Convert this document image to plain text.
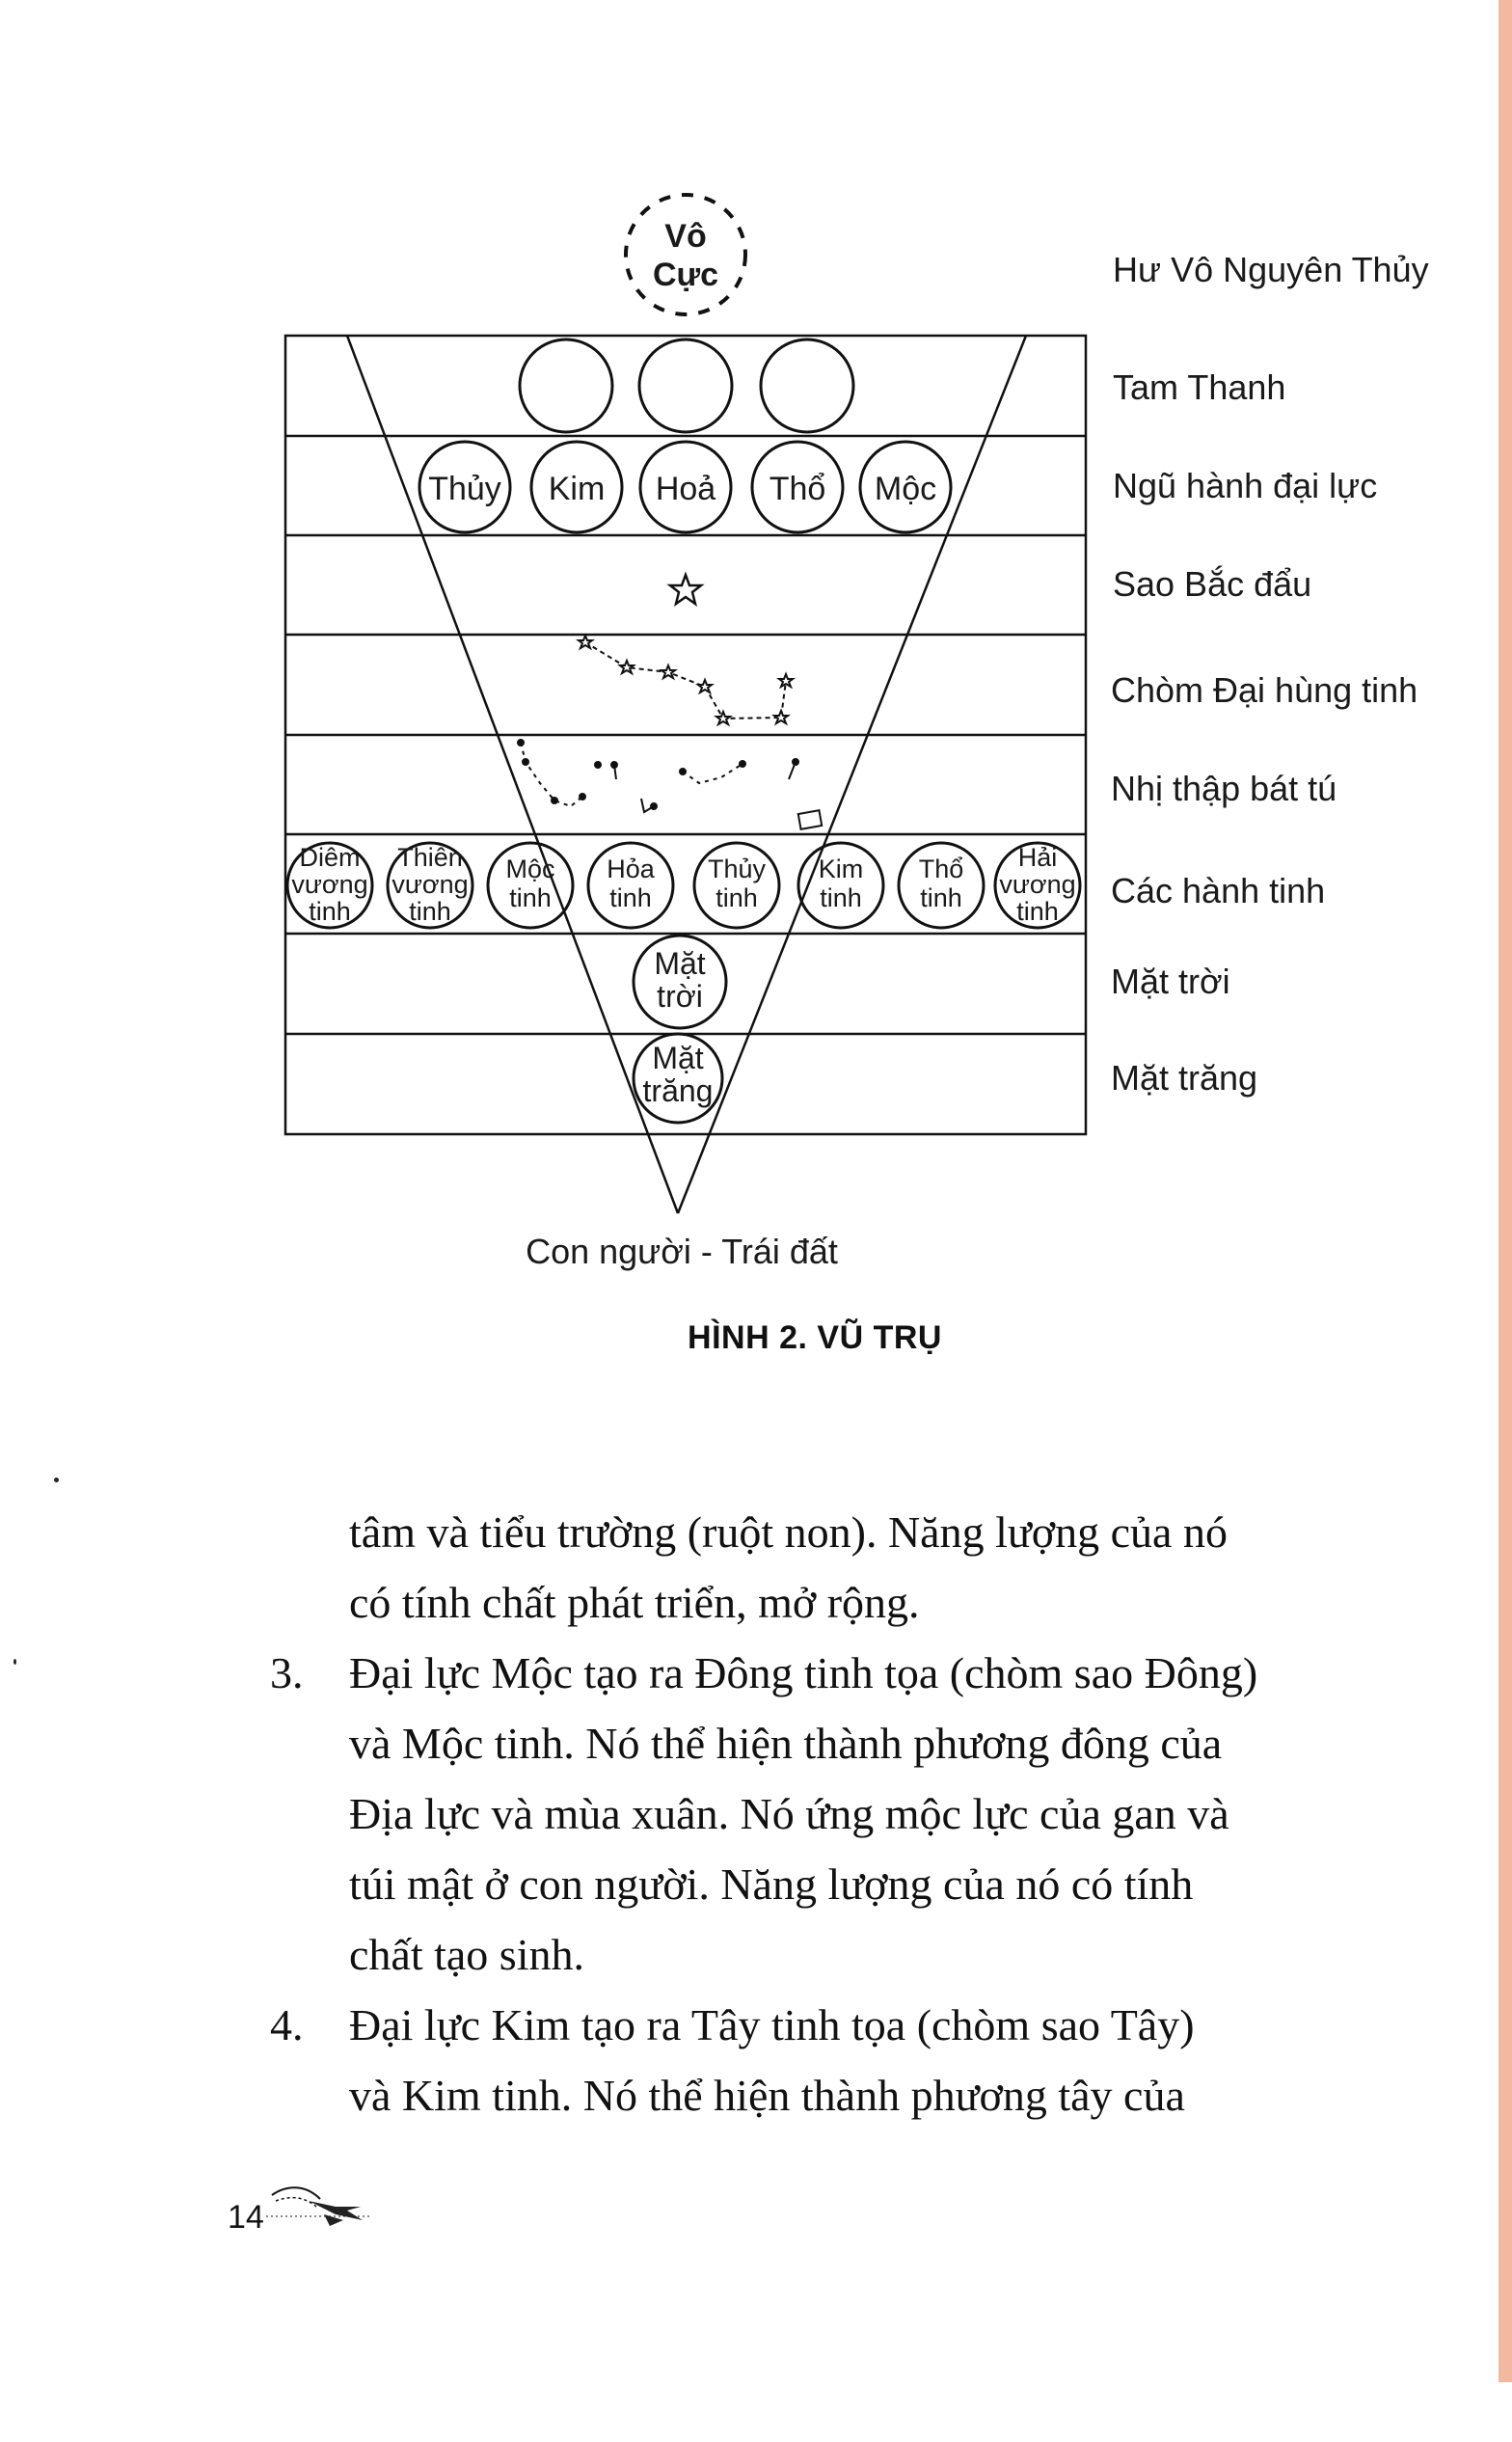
Vô
Cực
Thủy Kim Hoả Thổ Mộc
Diêm
vương
tinh
Thiên
vương
tinh
Mộc
tinh
Hỏa
tinh
Thủy
tinh
Kim
tinh
Thổ
tinh
Hải
vương
tinh
Mặt
trời
Mặt
trăng
Hư Vô Nguyên Thủy
Tam Thanh
Ngũ hành đại lực
Sao Bắc đẩu
Chòm Đại hùng tinh
Nhị thập bát tú
Các hành tinh
Mặt trời
Mặt trăng
Con người - Trái đất
HÌNH 2. VŨ TRỤ

tâm và tiểu trường (ruột non). Năng lượng của nó

có tính chất phát triển, mở rộng.

3. Đại lực Mộc tạo ra Đông tinh tọa (chòm sao Đông)

và Mộc tinh. Nó thể hiện thành phương đông của

Địa lực và mùa xuân. Nó ứng mộc lực của gan và

túi mật ở con người. Năng lượng của nó có tính

chất tạo sinh.

4. Đại lực Kim tạo ra Tây tinh tọa (chòm sao Tây)

và Kim tinh. Nó thể hiện thành phương tây của

14
